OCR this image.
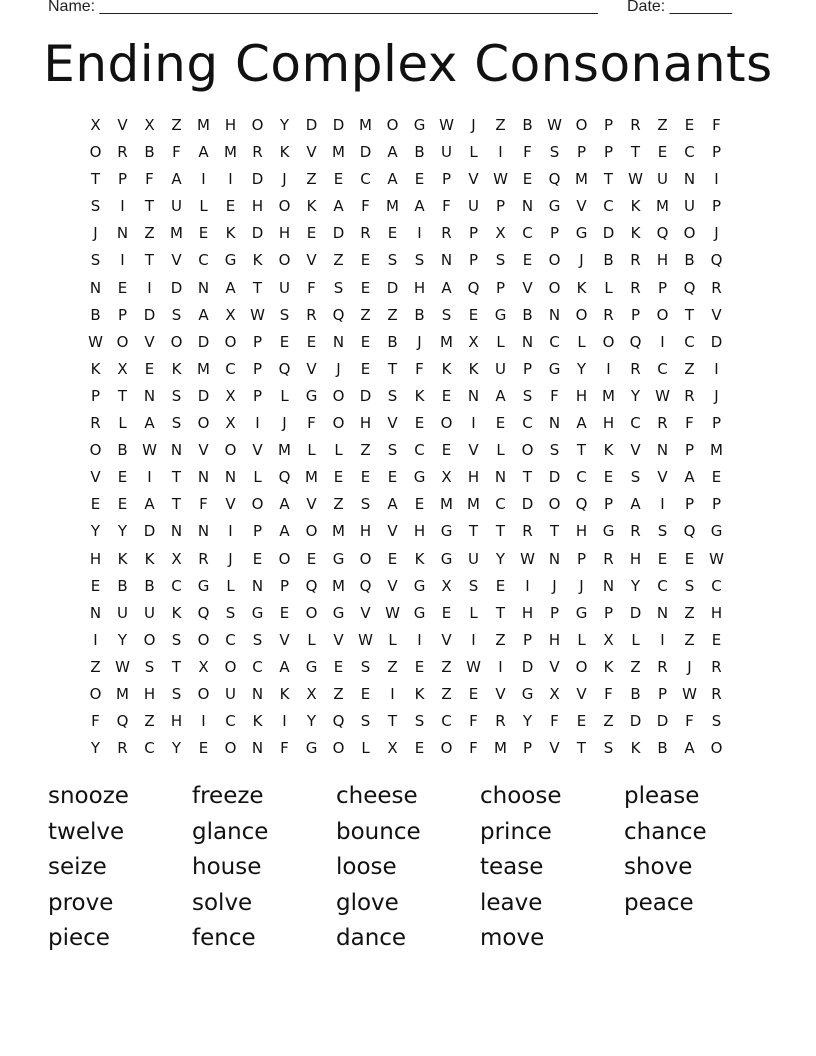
Name: ________________________________________________________ Date: _______
Ending Complex Consonants
X	V	X	Z	M H	O	Y	D	D M O	G W	J	Z	B W O	P	R	Z	E	F
O	R	B	F	A	M	R	K	V	M D	A	B	U	L	I	F	S	P	P	T	E	C	P
T	P	F	A	I	I	D	J	Z	E	C	A	E	P	V W E	Q M	T	W U	N	I
S	I	T	U	L	E	H	O	K	A	F	M	A	F	U	P	N	G	V	C	K	M	U	P
J	N	Z	M	E	K	D	H	E	D	R	E	I	R	P	X	C	P	G	D	K	Q	O	J
S	I	T	V	C	G	K	O	V	Z	E	S	S	N	P	S	E	O	J	B	R	H	B	Q
N	E	I	D	N	A	T	U	F	S	E	D	H	A	Q	P	V	O	K	L	R	P	Q	R
B	P	D	S	A	X W S	R	Q	Z	Z	B	S	E	G	B	N	O	R	P	O	T	V
W O	V	O	D	O	P	E	E	N	E	B	J	M	X	L	N	C	L	O	Q	I	C	D
K	X	E	K	M	C	P	Q	V	J	E	T	F	K	K	U	P	G	Y	I	R	C	Z	I
P	T	N	S	D	X	P	L	G	O	D	S	K	E	N	A	S	F	H M	Y	W R	J
R	L	A	S	O	X	I	J	F	O	H	V	E	O	I	E	C	N	A	H	C	R	F	P
O	B W N	V	O	V	M	L	L	Z	S	C	E	V	L	O	S	T	K	V	N	P	M
V	E	I	T	N	N	L	Q M	E	E	E	G	X	H	N	T	D	C	E	S	V	A	E
E	E	A	T	F	V	O	A	V	Z	S	A	E	M M	C	D	O	Q	P	A	I	P	P
Y	Y	D	N	N	I	P	A	O M H	V	H	G	T	T	R	T	H	G	R	S	Q	G
H	K	K	X	R	J	E	O	E	G	O	E	K	G	U	Y	W N	P	R	H	E	E W
E	B	B	C	G	L	N	P	Q M Q	V	G	X	S	E	I	J	J	N	Y	C	S	C
N	U	U	K	Q	S	G	E	O	G	V W G	E	L	T	H	P	G	P	D	N	Z	H
I	Y	O	S	O	C	S	V	L	V W	L	I	V	I	Z	P	H	L	X	L	I	Z	E
Z W S	T	X	O	C	A	G	E	S	Z	E	Z W	I	D	V	O	K	Z	R	J	R
O M H	S	O	U	N	K	X	Z	E	I	K	Z	E	V	G	X	V	F	B	P	W R
F	Q	Z	H	I	C	K	I	Y	Q	S	T	S	C	F	R	Y	F	E	Z	D	D	F	S
Y	R	C	Y	E	O	N	F	G	O	L	X	E	O	F	M	P	V	T	S	K	B	A	O
snooze	freeze	cheese	choose	please
twelve	glance	bounce	prince	chance
seize	house	loose	tease	shove
prove	solve	glove	leave	peace
piece	fence	dance	move
